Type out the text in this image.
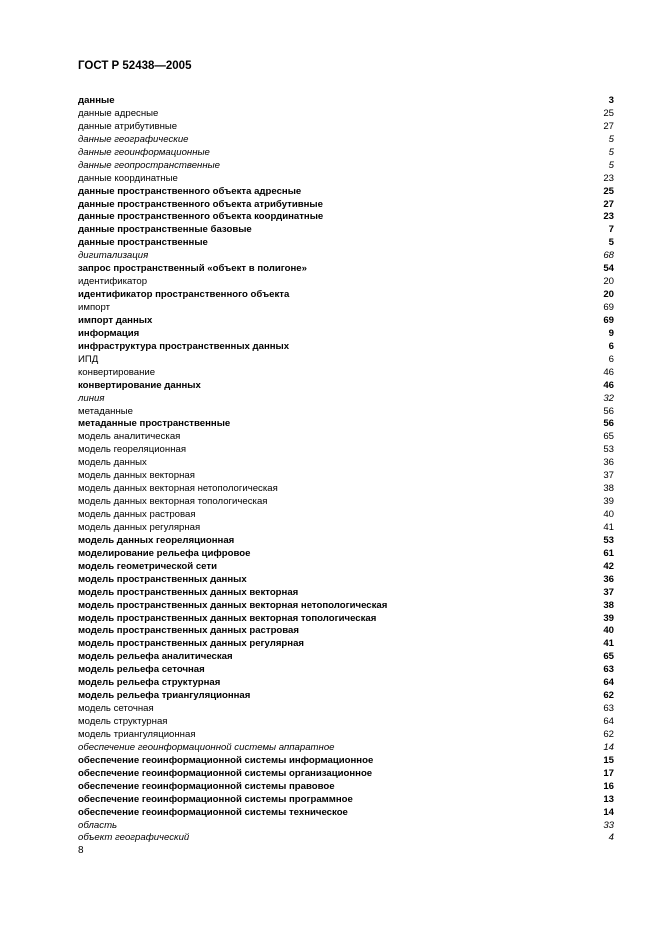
ГОСТ Р 52438—2005
данные	3
данные адресные	25
данные атрибутивные	27
данные географические	5
данные геоинформационные	5
данные геопространственные	5
данные координатные	23
данные пространственного объекта адресные	25
данные пространственного объекта атрибутивные	27
данные пространственного объекта координатные	23
данные пространственные базовые	7
данные пространственные	5
дигитализация	68
запрос пространственный «объект в полигоне»	54
идентификатор	20
идентификатор пространственного объекта	20
импорт	69
импорт данных	69
информация	9
инфраструктура пространственных данных	6
ИПД	6
конвертирование	46
конвертирование данных	46
линия	32
метаданные	56
метаданные пространственные	56
модель аналитическая	65
модель геореляционная	53
модель данных	36
модель данных векторная	37
модель данных векторная нетопологическая	38
модель данных векторная топологическая	39
модель данных растровая	40
модель данных регулярная	41
модель данных геореляционная	53
моделирование рельефа цифровое	61
модель геометрической сети	42
модель пространственных данных	36
модель пространственных данных векторная	37
модель пространственных данных векторная нетопологическая	38
модель пространственных данных векторная топологическая	39
модель пространственных данных растровая	40
модель пространственных данных регулярная	41
модель рельефа аналитическая	65
модель рельефа сеточная	63
модель рельефа структурная	64
модель рельефа триангуляционная	62
модель сеточная	63
модель структурная	64
модель триангуляционная	62
обеспечение геоинформационной системы аппаратное	14
обеспечение геоинформационной системы информационное	15
обеспечение геоинформационной системы организационное	17
обеспечение геоинформационной системы правовое	16
обеспечение геоинформационной системы программное	13
обеспечение геоинформационной системы техническое	14
область	33
объект географический	4
8
